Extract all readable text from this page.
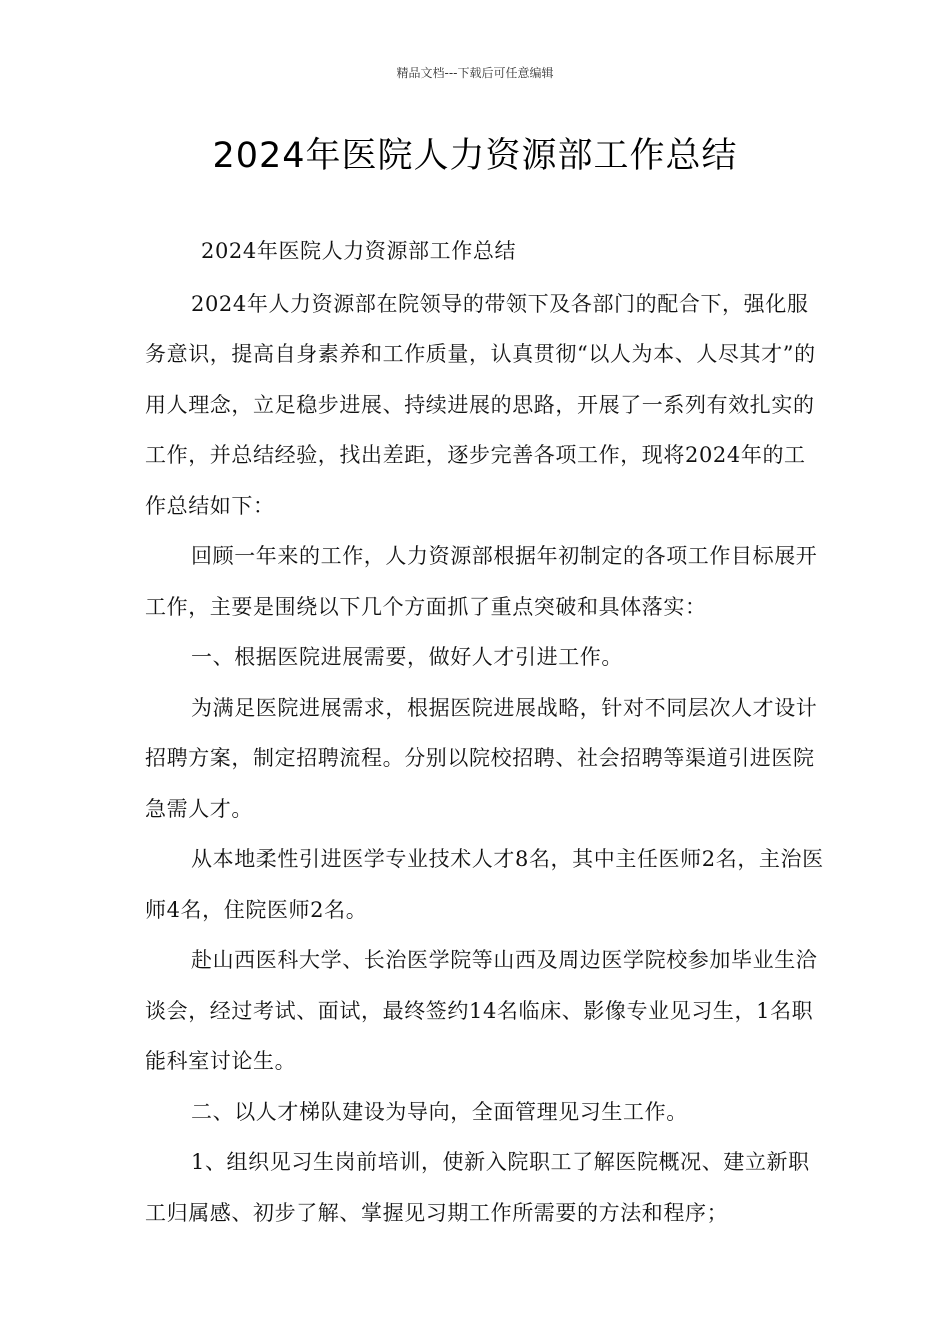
精品文档---下载后可任意编辑
2024年医院人力资源部工作总结

2024年医院人力资源部工作总结

2024年人力资源部在院领导的带领下及各部门的配合下，强化服务意识，提高自身素养和工作质量，认真贯彻“以人为本、人尽其才”的用人理念，立足稳步进展、持续进展的思路，开展了一系列有效扎实的工作，并总结经验，找出差距，逐步完善各项工作，现将2024年的工作总结如下：

回顾一年来的工作，人力资源部根据年初制定的各项工作目标展开工作，主要是围绕以下几个方面抓了重点突破和具体落实：

一、根据医院进展需要，做好人才引进工作。

为满足医院进展需求，根据医院进展战略，针对不同层次人才设计招聘方案，制定招聘流程。分别以院校招聘、社会招聘等渠道引进医院急需人才。

从本地柔性引进医学专业技术人才8名，其中主任医师2名，主治医师4名，住院医师2名。

赴山西医科大学、长治医学院等山西及周边医学院校参加毕业生洽谈会，经过考试、面试，最终签约14名临床、影像专业见习生，1名职能科室讨论生。

二、以人才梯队建设为导向，全面管理见习生工作。

1、组织见习生岗前培训，使新入院职工了解医院概况、建立新职工归属感、初步了解、掌握见习期工作所需要的方法和程序；
